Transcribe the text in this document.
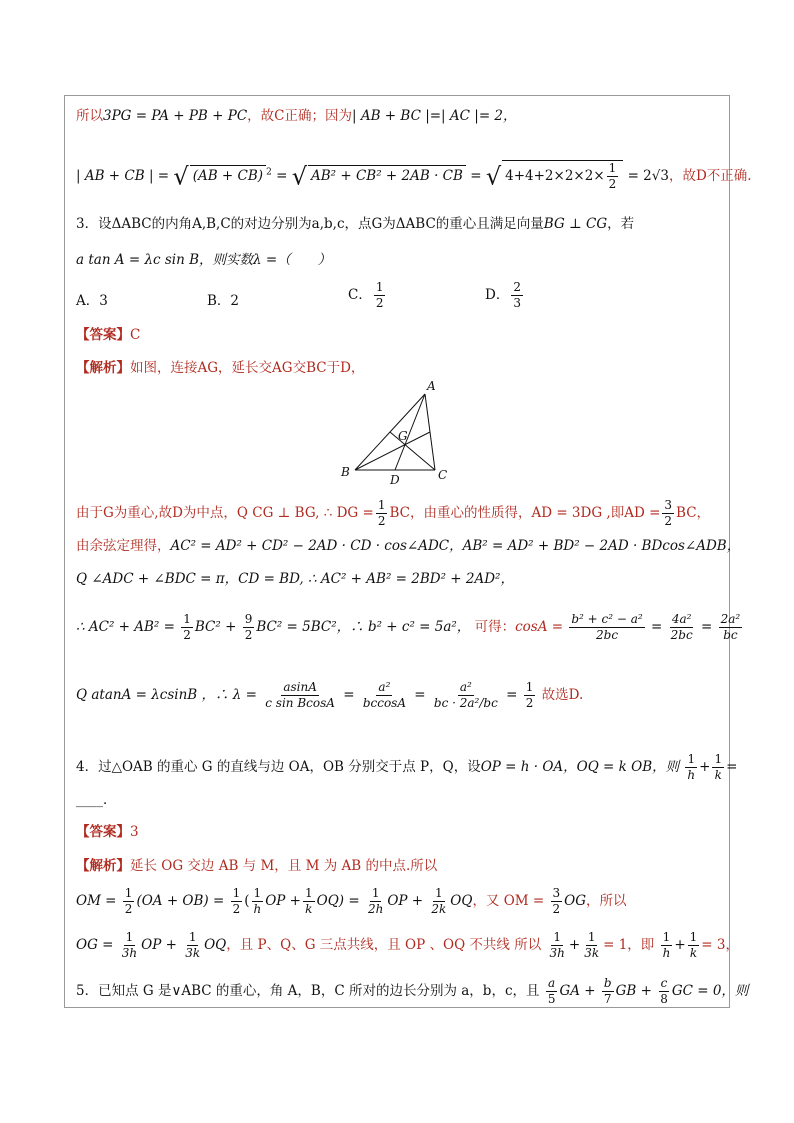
所以3PG = PA + PB + PC，故C正确；因为| AB + BC |=| AC |= 2，
| AB + CB | = √ (AB + CB) $^2$ = √ AB² + CB² + 2AB · CB = √ $4+4+2\times 2\times 2\times \frac{1}{2} = 2√3$，故D不正确.
3．设ΔABC的内角A,B,C的对边分别为a,b,c，点G为ΔABC的重心且满足向量BG ⊥ CG，若
a tan A = λc sin B，则实数λ =（　　）
A．3	B．2	C． $\frac{1}{2}$	D． $\frac{2}{3}$
【答案】C
【解析】如图，连接AG，延长交AG交BC于D，
A
B	C
D
G
由于G为重心,故D为中点，Q CG ⊥ BG, ∴ DG = $\frac{1}{2}$ BC，由重心的性质得，AD = 3DG ,即AD = $\frac{3}{2}$ BC，
由余弦定理得，AC² = AD² + CD² − 2AD · CD · cos∠ADC，AB² = AD² + BD² − 2AD · BDcos∠ADB，
Q ∠ADC + ∠BDC = π，CD = BD, ∴ AC² + AB² = 2BD² + 2AD²，
∴ $AC^2 + AB^2 = \frac{1}{2} BC^2 + \frac{9}{2} BC^2 = 5BC^2$，∴ b² + c² = 5a²， 可得：$\cos A = \frac{\text{b² + c² − a²}}{2bc} = \frac{\text{4a²}}{2bc} = \frac{\text{2a²}}{bc}$
Q atanA = λcsinB ，∴ $\lambda = \frac{asinA}{\text{c sin BcosA}} = \frac{\text{a²}}{bccosA} = \frac{\text{a²}}{\text{bc · 2a²/bc}} = \frac{1}{2}$ 故选D.
4．过△OAB 的重心 G 的直线与边 OA，OB 分别交于点 P，Q，设OP = h · OA，OQ = k OB，则 $\frac{1}{h} + \frac{1}{k}$ =
____．
【答案】3
【解析】延长 OG 交边 AB 与 M，且 M 为 AB 的中点.所以
OM = $\frac{1}{2} (OA + OB) = \frac{1}{2}$ ( $\frac{1}{h}$ OP + $\frac{1}{k} OQ) = \frac{1}{2h}$ OP + $\frac{1}{2k}$ OQ，又 OM = $\frac{3}{2}$ OG，所以
OG = $\frac{1}{3h}$ OP + $\frac{1}{3k}$ OQ，且 P、Q、G 三点共线，且 OP 、OQ 不共线 所以 $\frac{1}{3h} + \frac{1}{3k} = 1$，即 $\frac{1}{h} + \frac{1}{k} = 3$，
5．已知点 G 是∨ABC 的重心，角 A，B，C 所对的边长分别为 a，b，c，且 $\frac{a}{5}$ GA + $\frac{b}{7}$ GB + $\frac{c}{8}$ GC = 0，则
